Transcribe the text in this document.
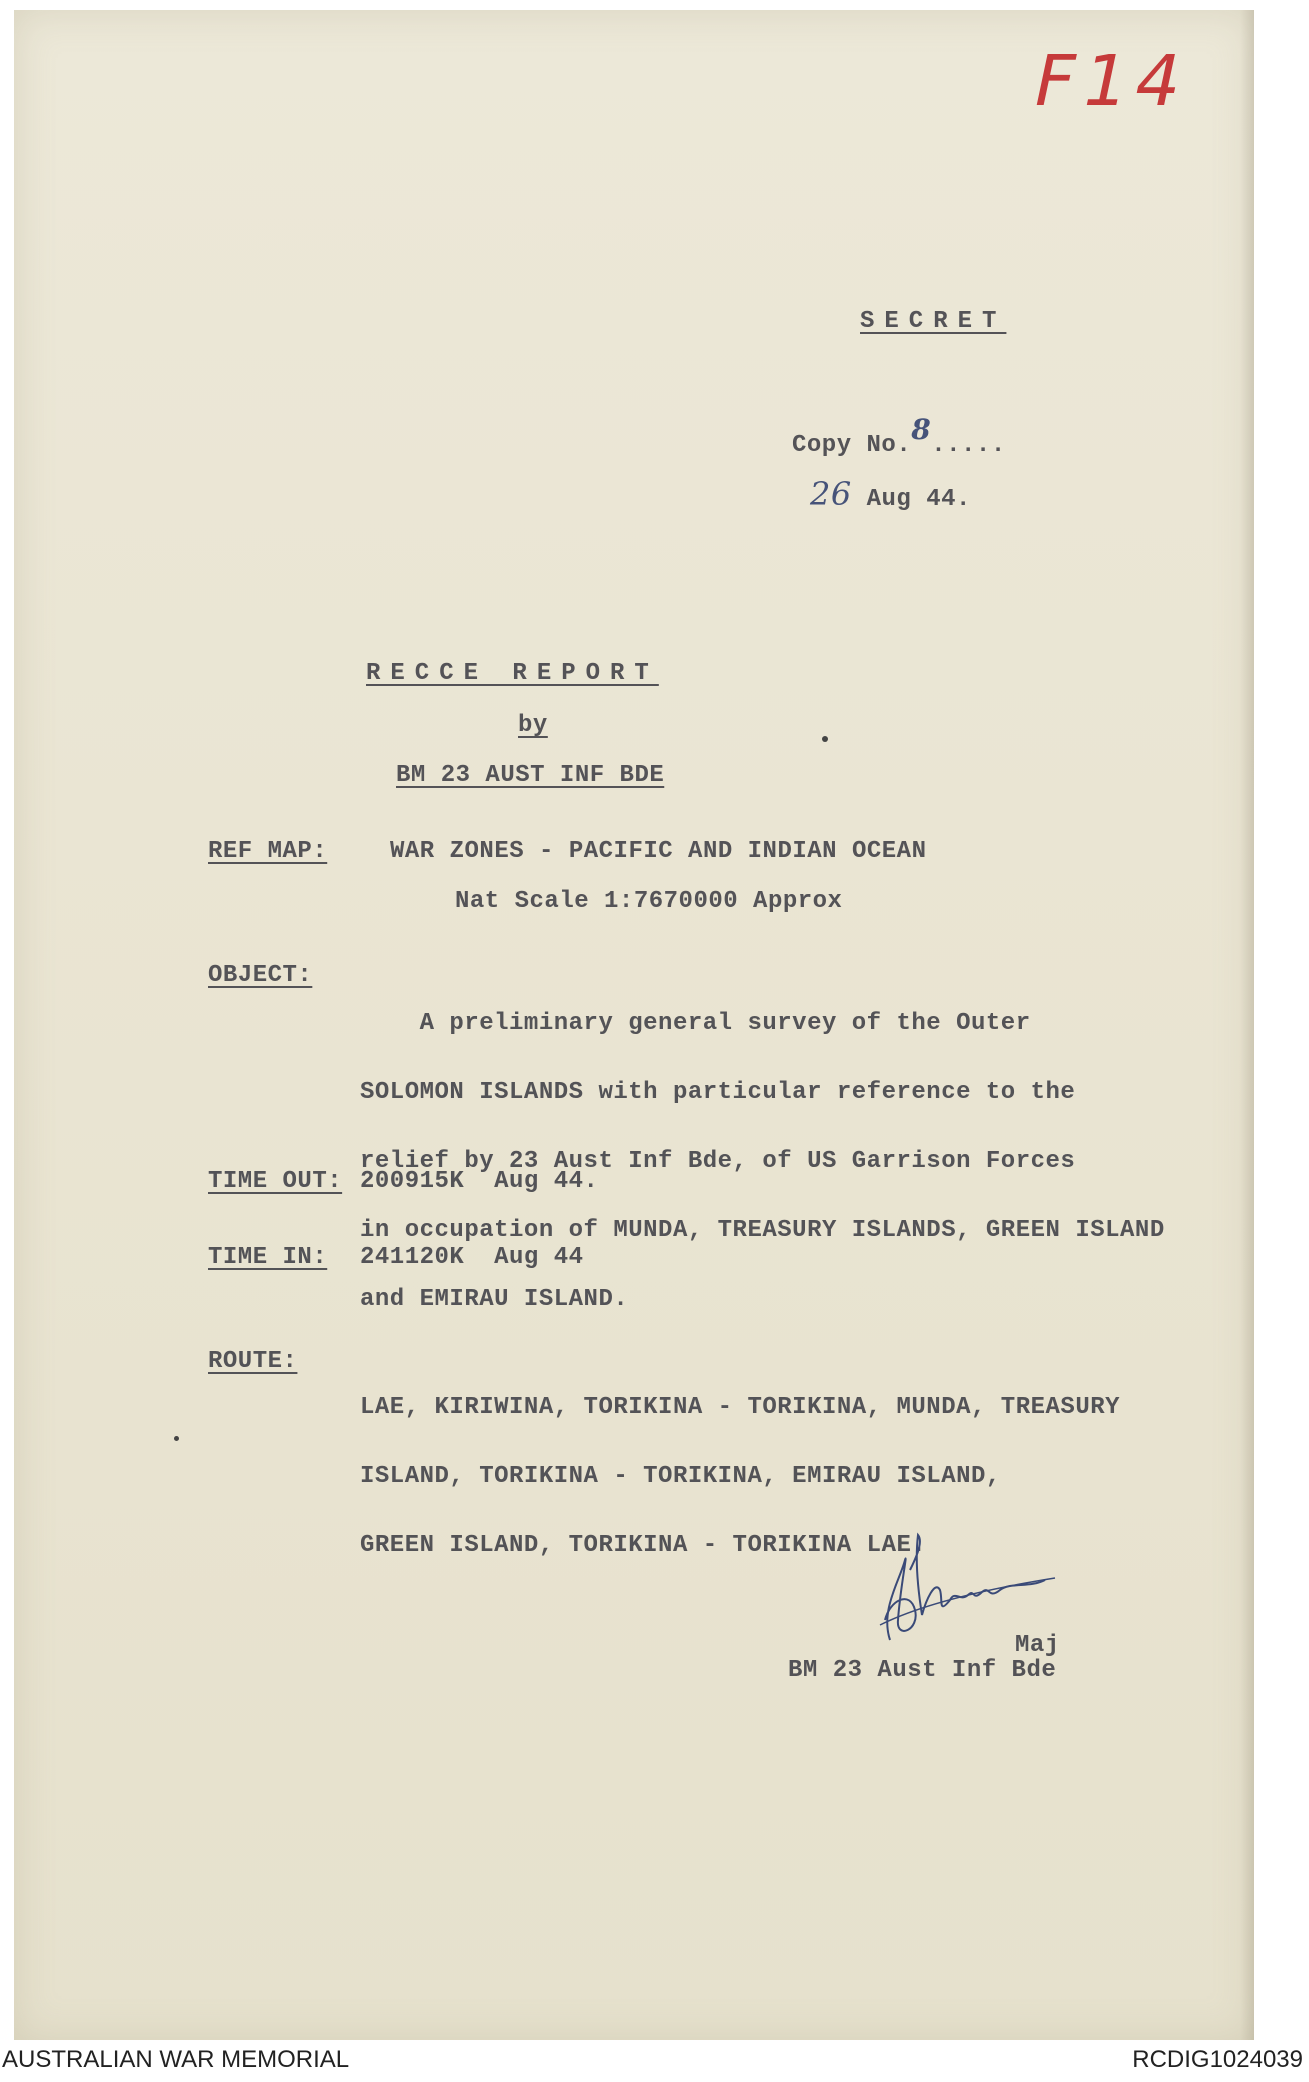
F14
SECRET
Copy No.8.....
26 Aug 44.
RECCE REPORT
by
BM 23 AUST INF BDE
REF MAP:	WAR ZONES - PACIFIC AND INDIAN OCEAN
Nat Scale 1:7670000 Approx
OBJECT:

A preliminary general survey of the Outer

SOLOMON ISLANDS with particular reference to the

relief by 23 Aust Inf Bde, of US Garrison Forces

in occupation of MUNDA, TREASURY ISLANDS, GREEN ISLAND

and EMIRAU ISLAND.

TIME OUT: 200915K  Aug 44.
TIME IN: 241120K  Aug 44
ROUTE:

LAE, KIRIWINA, TORIKINA - TORIKINA, MUNDA, TREASURY

ISLAND, TORIKINA - TORIKINA, EMIRAU ISLAND,

GREEN ISLAND, TORIKINA - TORIKINA LAE.

Maj
BM 23 Aust Inf Bde
AUSTRALIAN WAR MEMORIAL	RCDIG1024039
